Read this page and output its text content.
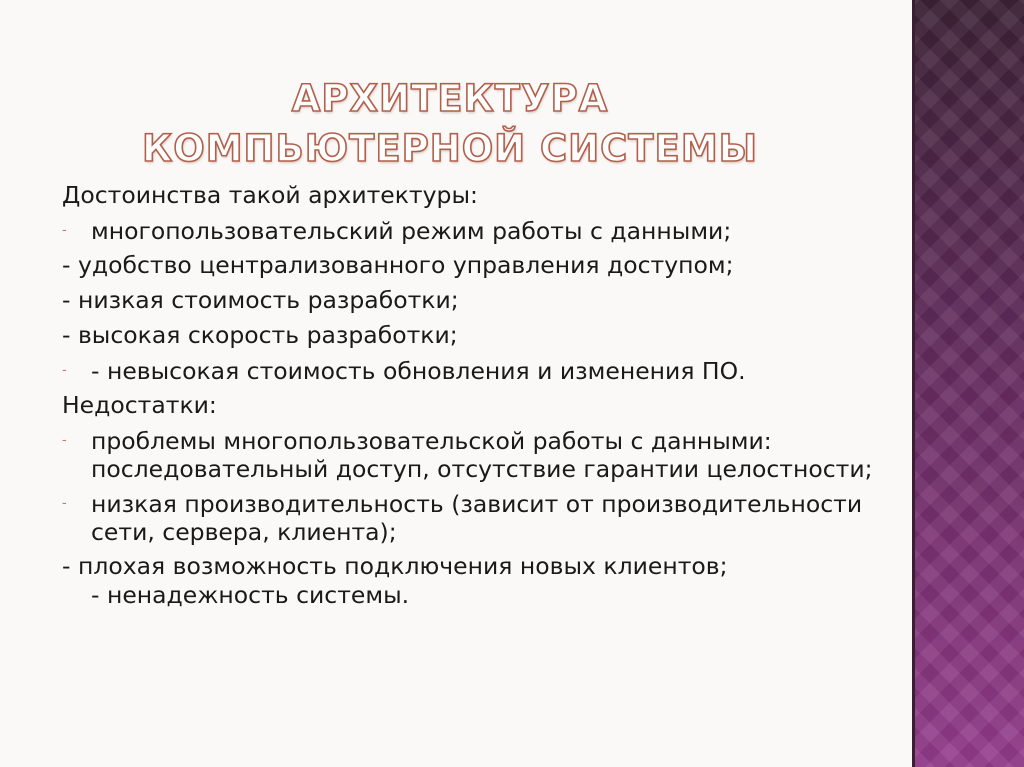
АРХИТЕКТУРА КОМПЬЮТЕРНОЙ СИСТЕМЫ
Достоинства такой архитектуры:
- многопользовательский режим работы с данными;
- удобство централизованного управления доступом;
- низкая стоимость разработки;
- высокая скорость разработки;
- - невысокая стоимость обновления и изменения ПО.
Недостатки:
- проблемы многопользовательской работы с данными: последовательный доступ, отсутствие гарантии целостности;
- низкая производительность (зависит от производительности сети, сервера, клиента);
- плохая возможность подключения новых клиентов;
- ненадежность системы.
